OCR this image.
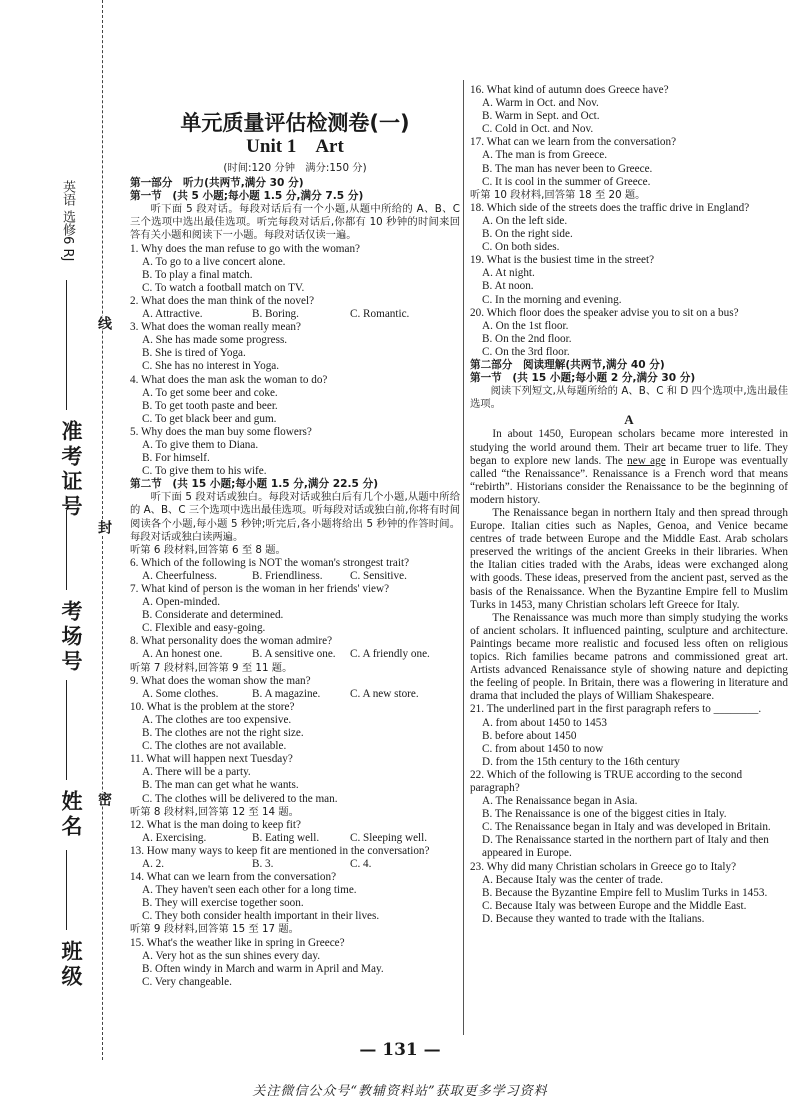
线
封
密
英语 选修6 RJ
准考证号
考场号
姓名
班级

单元质量评估检测卷(一)

Unit 1　Art

(时间:120 分钟　满分:150 分)
第一部分　听力(共两节,满分 30 分)
第一节　(共 5 小题;每小题 1.5 分,满分 7.5 分)

听下面 5 段对话。每段对话后有一个小题,从题中所给的 A、B、C 三个选项中选出最佳选项。听完每段对话后,你都有 10 秒钟的时间来回答有关小题和阅读下一小题。每段对话仅读一遍。

1. Why does the man refuse to go with the woman?

A. To go to a live concert alone.

B. To play a final match.

C. To watch a football match on TV.

2. What does the man think of the novel?

A. Attractive.	B. Boring.	C. Romantic.

3. What does the woman really mean?

A. She has made some progress.

B. She is tired of Yoga.

C. She has no interest in Yoga.

4. What does the man ask the woman to do?

A. To get some beer and coke.

B. To get tooth paste and beer.

C. To get black beer and gum.

5. Why does the man buy some flowers?

A. To give them to Diana.

B. For himself.

C. To give them to his wife.

第二节　(共 15 小题;每小题 1.5 分,满分 22.5 分)

听下面 5 段对话或独白。每段对话或独白后有几个小题,从题中所给的 A、B、C 三个选项中选出最佳选项。听每段对话或独白前,你将有时间阅读各个小题,每小题 5 秒钟;听完后,各小题将给出 5 秒钟的作答时间。每段对话或独白读两遍。

听第 6 段材料,回答第 6 至 8 题。

6. Which of the following is NOT the woman's strongest trait?

A. Cheerfulness.	B. Friendliness.	C. Sensitive.

7. What kind of person is the woman in her friends' view?

A. Open-minded.

B. Considerate and determined.

C. Flexible and easy-going.

8. What personality does the woman admire?

A. An honest one.	B. A sensitive one.	C. A friendly one.

听第 7 段材料,回答第 9 至 11 题。

9. What does the woman show the man?

A. Some clothes.	B. A magazine.	C. A new store.

10. What is the problem at the store?

A. The clothes are too expensive.

B. The clothes are not the right size.

C. The clothes are not available.

11. What will happen next Tuesday?

A. There will be a party.

B. The man can get what he wants.

C. The clothes will be delivered to the man.

听第 8 段材料,回答第 12 至 14 题。

12. What is the man doing to keep fit?

A. Exercising.	B. Eating well.	C. Sleeping well.

13. How many ways to keep fit are mentioned in the conversation?

A. 2.	B. 3.	C. 4.

14. What can we learn from the conversation?

A. They haven't seen each other for a long time.

B. They will exercise together soon.

C. They both consider health important in their lives.

听第 9 段材料,回答第 15 至 17 题。

15. What's the weather like in spring in Greece?

A. Very hot as the sun shines every day.

B. Often windy in March and warm in April and May.

C. Very changeable.

16. What kind of autumn does Greece have?

A. Warm in Oct. and Nov.

B. Warm in Sept. and Oct.

C. Cold in Oct. and Nov.

17. What can we learn from the conversation?

A. The man is from Greece.

B. The man has never been to Greece.

C. It is cool in the summer of Greece.

听第 10 段材料,回答第 18 至 20 题。

18. Which side of the streets does the traffic drive in England?

A. On the left side.

B. On the right side.

C. On both sides.

19. What is the busiest time in the street?

A. At night.

B. At noon.

C. In the morning and evening.

20. Which floor does the speaker advise you to sit on a bus?

A. On the 1st floor.

B. On the 2nd floor.

C. On the 3rd floor.

第二部分　阅读理解(共两节,满分 40 分)
第一节　(共 15 小题;每小题 2 分,满分 30 分)

阅读下列短文,从每题所给的 A、B、C 和 D 四个选项中,选出最佳选项。

A

In about 1450, European scholars became more interested in studying the world around them. Their art became truer to life. They began to explore new lands. The new age in Europe was eventually called “the Renaissance”. Renaissance is a French word that means “rebirth”. Historians consider the Renaissance to be the beginning of modern history.

The Renaissance began in northern Italy and then spread through Europe. Italian cities such as Naples, Genoa, and Venice became centres of trade between Europe and the Middle East. Arab scholars preserved the writings of the ancient Greeks in their libraries. When the Italian cities traded with the Arabs, ideas were exchanged along with goods. These ideas, preserved from the ancient past, served as the basis of the Renaissance. When the Byzantine Empire fell to Muslim Turks in 1453, many Christian scholars left Greece for Italy.

The Renaissance was much more than simply studying the works of ancient scholars. It influenced painting, sculpture and architecture. Paintings became more realistic and focused less often on religious topics. Rich families became patrons and commissioned great art. Artists advanced Renaissance style of showing nature and depicting the feeling of people. In Britain, there was a flowering in literature and drama that included the plays of William Shakespeare.

21. The underlined part in the first paragraph refers to ________.

A. from about 1450 to 1453

B. before about 1450

C. from about 1450 to now

D. from the 15th century to the 16th century

22. Which of the following is TRUE according to the second paragraph?

A. The Renaissance began in Asia.

B. The Renaissance is one of the biggest cities in Italy.

C. The Renaissance began in Italy and was developed in Britain.

D. The Renaissance started in the northern part of Italy and then appeared in Europe.

23. Why did many Christian scholars in Greece go to Italy?

A. Because Italy was the center of trade.

B. Because the Byzantine Empire fell to Muslim Turks in 1453.

C. Because Italy was between Europe and the Middle East.

D. Because they wanted to trade with the Italians.

— 131 —
关注微信公众号“教辅资料站”获取更多学习资料
